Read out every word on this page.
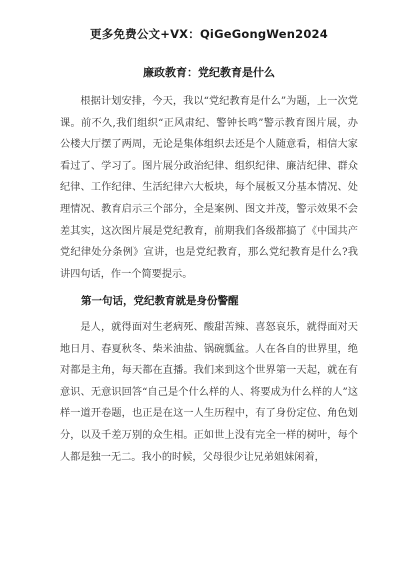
更多免费公文+VX：QiGeGongWen2024
廉政教育：党纪教育是什么

根据计划安排，今天，我以“党纪教育是什么”为题，上一次党课。前不久,我们组织“正风肃纪、警钟长鸣”警示教育图片展，办公楼大厅摆了两周，无论是集体组织去还是个人随意看，相信大家看过了、学习了。图片展分政治纪律、组织纪律、廉洁纪律、群众纪律、工作纪律、生活纪律六大板块，每个展板又分基本情况、处理情况、教育启示三个部分，全是案例、图文并茂，警示效果不会差其实，这次图片展是党纪教育，前期我们各级都搞了《中国共产党纪律处分条例》宣讲，也是党纪教育，那么党纪教育是什么?我讲四句话，作一个简要提示。

第一句话，党纪教育就是身份警醒

是人，就得面对生老病死、酸甜苦辣、喜怒哀乐，就得面对天地日月、春夏秋冬、柴米油盐、锅碗瓢盆。人在各自的世界里，绝对都是主角，每天都在直播。我们来到这个世界第一天起，就在有意识、无意识回答“自己是个什么样的人、将要成为什么样的人”这样一道开卷题，也正是在这一人生历程中，有了身份定位、角色划分，以及千差万别的众生相。正如世上没有完全一样的树叶，每个人都是独一无二。我小的时候，父母很少让兄弟姐妹闲着，
